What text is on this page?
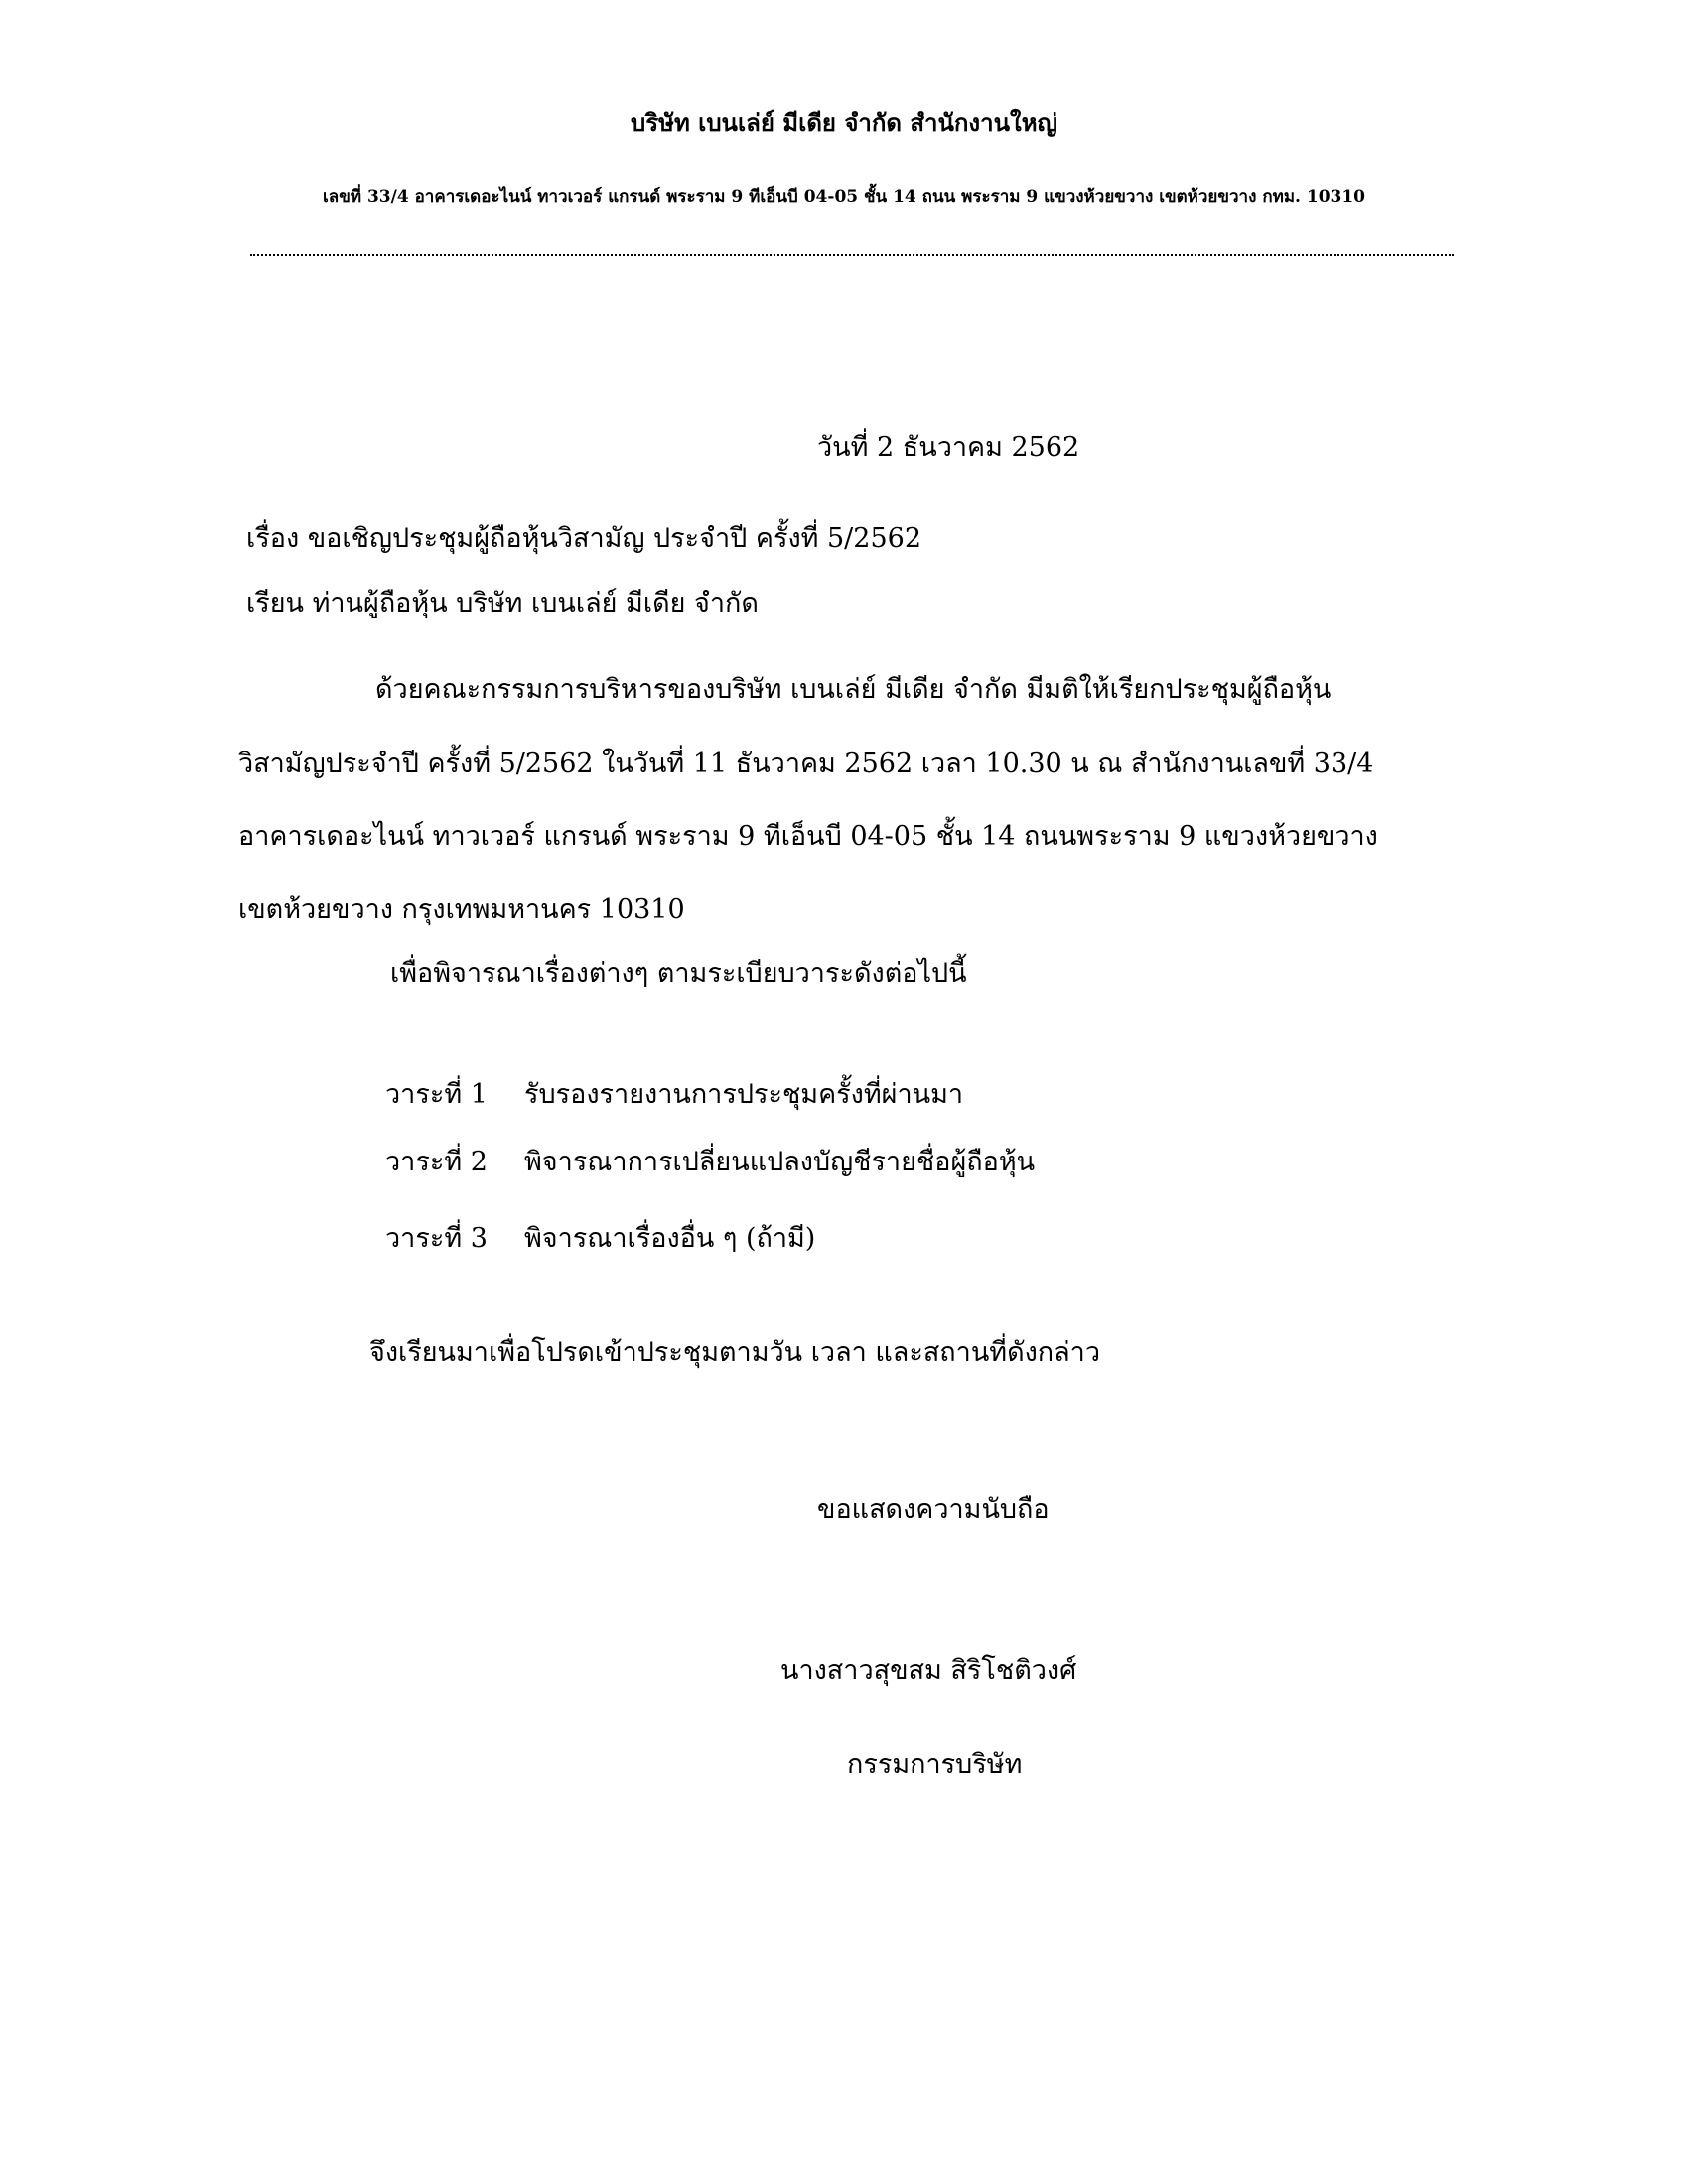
บริษัท เบนเล่ย์ มีเดีย จำกัด สำนักงานใหญ่
เลขที่ 33/4 อาคารเดอะไนน์ ทาวเวอร์ แกรนด์ พระราม 9 ทีเอ็นบี 04-05 ชั้น 14 ถนน พระราม 9 แขวงห้วยขวาง เขตห้วยขวาง กทม. 10310
วันที่ 2 ธันวาคม 2562
เรื่อง ขอเชิญประชุมผู้ถือหุ้นวิสามัญ ประจำปี ครั้งที่ 5/2562
เรียน ท่านผู้ถือหุ้น บริษัท เบนเล่ย์ มีเดีย จำกัด
ด้วยคณะกรรมการบริหารของบริษัท เบนเล่ย์ มีเดีย จำกัด มีมติให้เรียกประชุมผู้ถือหุ้น
วิสามัญประจำปี ครั้งที่ 5/2562 ในวันที่ 11 ธันวาคม 2562 เวลา 10.30 น ณ สำนักงานเลขที่ 33/4
อาคารเดอะไนน์ ทาวเวอร์ แกรนด์ พระราม 9 ทีเอ็นบี 04-05 ชั้น 14 ถนนพระราม 9 แขวงห้วยขวาง
เขตห้วยขวาง กรุงเทพมหานคร 10310
เพื่อพิจารณาเรื่องต่างๆ ตามระเบียบวาระดังต่อไปนี้
วาระที่ 1 รับรองรายงานการประชุมครั้งที่ผ่านมา
วาระที่ 2 พิจารณาการเปลี่ยนแปลงบัญชีรายชื่อผู้ถือหุ้น
วาระที่ 3 พิจารณาเรื่องอื่น ๆ (ถ้ามี)
จึงเรียนมาเพื่อโปรดเข้าประชุมตามวัน เวลา และสถานที่ดังกล่าว
ขอแสดงความนับถือ
นางสาวสุขสม สิริโชติวงศ์
กรรมการบริษัท
